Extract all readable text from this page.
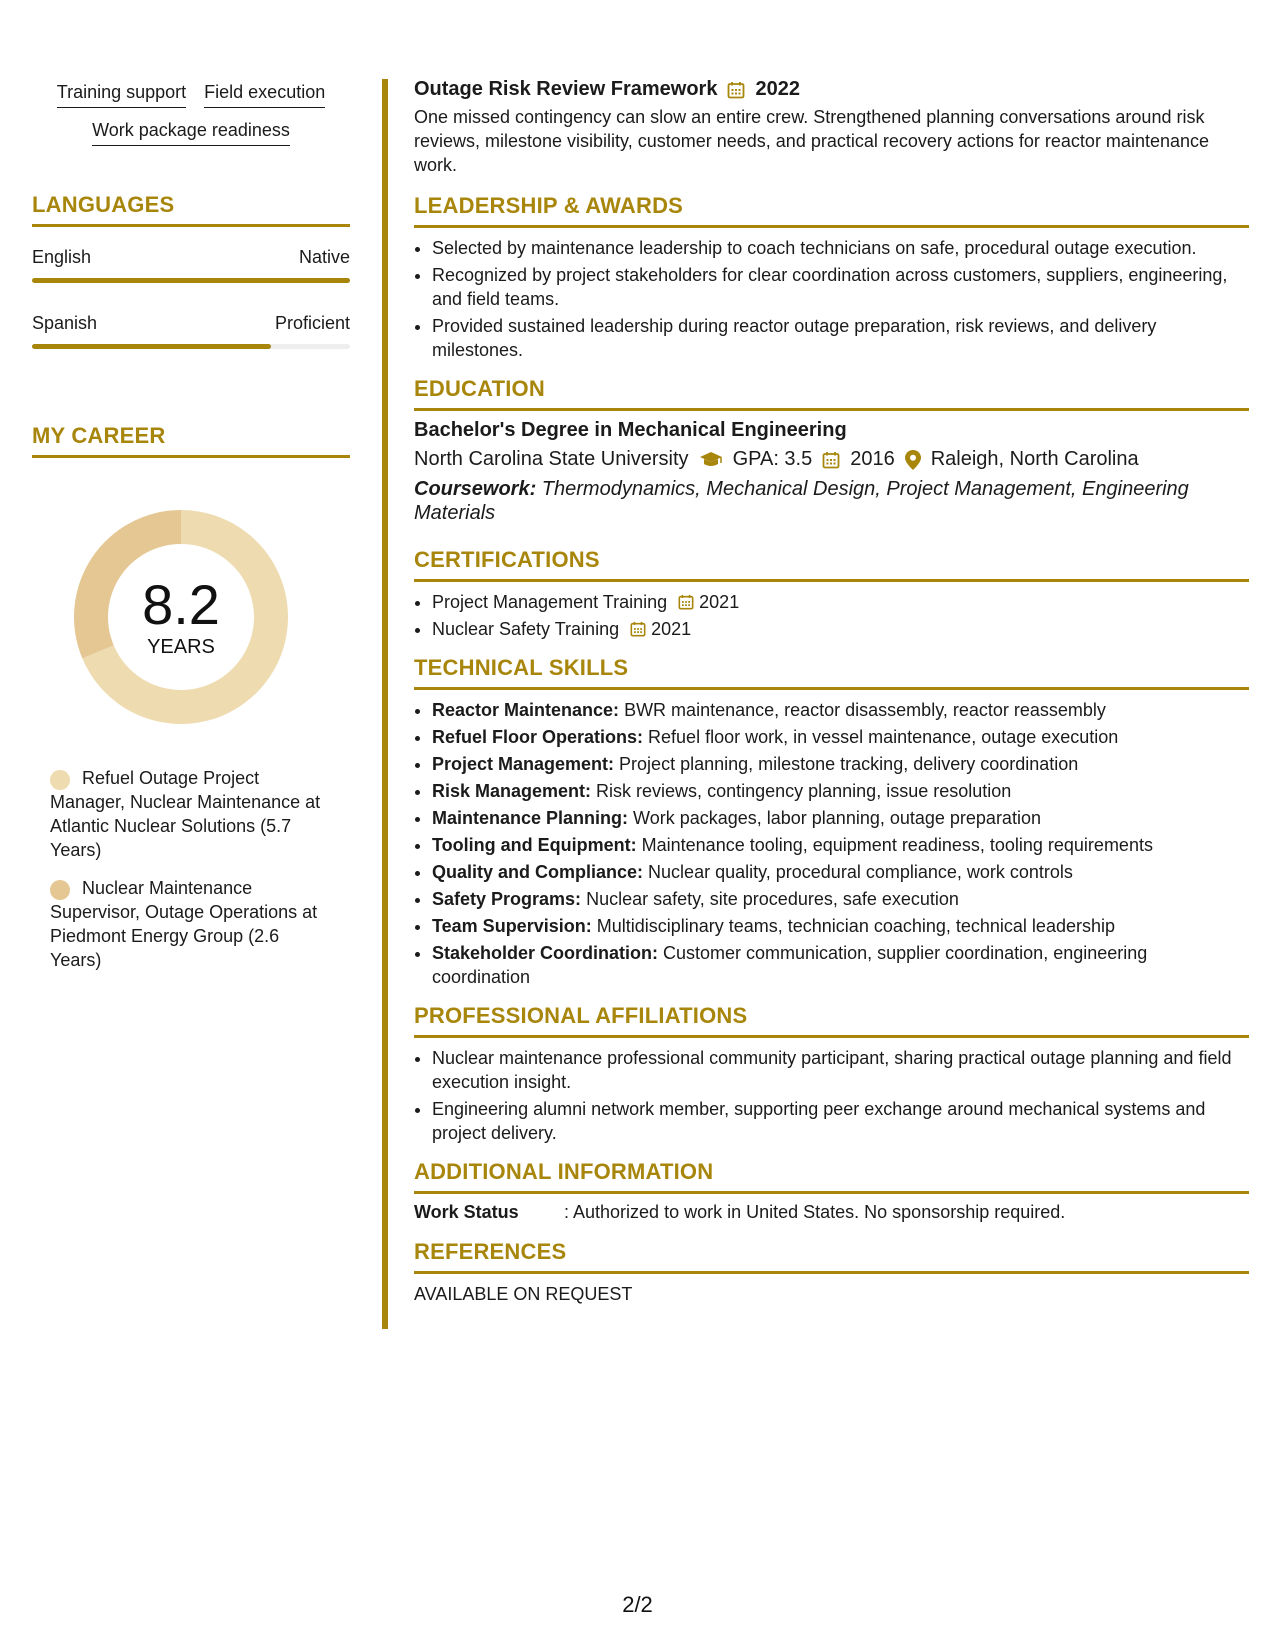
Training support Field execution
Work package readiness
LANGUAGES
English	Native
Spanish	Proficient
MY CAREER
8.2
YEARS
Refuel Outage Project Manager, Nuclear Maintenance at Atlantic Nuclear Solutions (5.7 Years)
Nuclear Maintenance Supervisor, Outage Operations at Piedmont Energy Group (2.6 Years)
Outage Risk Review Framework 2022
One missed contingency can slow an entire crew. Strengthened planning conversations around risk reviews, milestone visibility, customer needs, and practical recovery actions for reactor maintenance work.
LEADERSHIP & AWARDS
• Selected by maintenance leadership to coach technicians on safe, procedural outage execution.
• Recognized by project stakeholders for clear coordination across customers, suppliers, engineering, and field teams.
• Provided sustained leadership during reactor outage preparation, risk reviews, and delivery milestones.
EDUCATION
Bachelor's Degree in Mechanical Engineering
North Carolina State University GPA: 3.5 2016 Raleigh, North Carolina
Coursework: Thermodynamics, Mechanical Design, Project Management, Engineering Materials
CERTIFICATIONS
• Project Management Training 2021
• Nuclear Safety Training 2021
TECHNICAL SKILLS
• Reactor Maintenance: BWR maintenance, reactor disassembly, reactor reassembly
• Refuel Floor Operations: Refuel floor work, in vessel maintenance, outage execution
• Project Management: Project planning, milestone tracking, delivery coordination
• Risk Management: Risk reviews, contingency planning, issue resolution
• Maintenance Planning: Work packages, labor planning, outage preparation
• Tooling and Equipment: Maintenance tooling, equipment readiness, tooling requirements
• Quality and Compliance: Nuclear quality, procedural compliance, work controls
• Safety Programs: Nuclear safety, site procedures, safe execution
• Team Supervision: Multidisciplinary teams, technician coaching, technical leadership
• Stakeholder Coordination: Customer communication, supplier coordination, engineering coordination
PROFESSIONAL AFFILIATIONS
• Nuclear maintenance professional community participant, sharing practical outage planning and field execution insight.
• Engineering alumni network member, supporting peer exchange around mechanical systems and project delivery.
ADDITIONAL INFORMATION
Work Status	: Authorized to work in United States. No sponsorship required.
REFERENCES
AVAILABLE ON REQUEST
2/2
